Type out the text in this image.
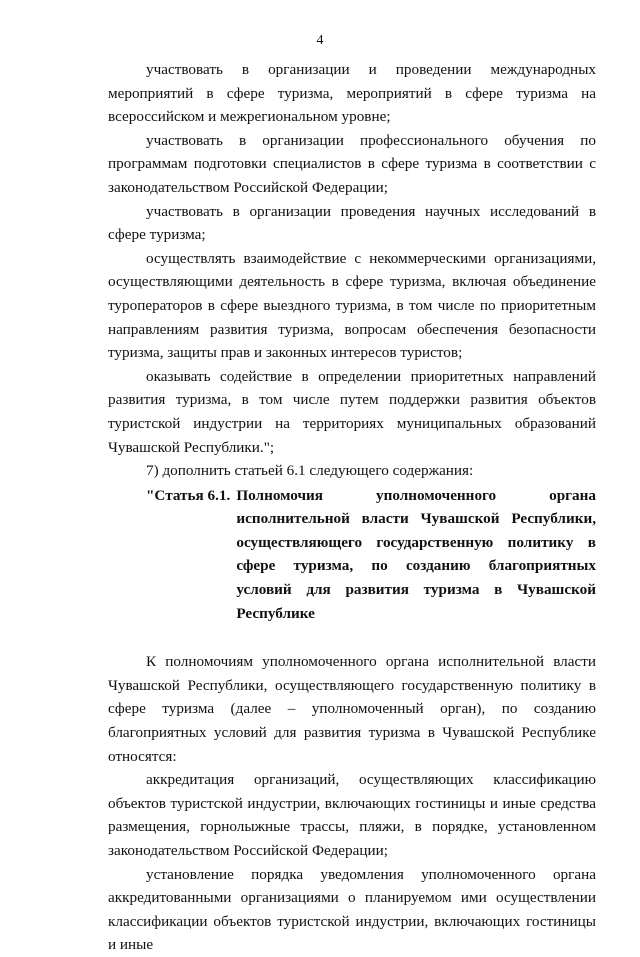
4

участвовать в организации и проведении международных мероприятий в сфере туризма, мероприятий в сфере туризма на всероссийском и межрегиональном уровне;

участвовать в организации профессионального обучения по программам подготовки специалистов в сфере туризма в соответствии с законодательством Российской Федерации;

участвовать в организации проведения научных исследований в сфере туризма;

осуществлять взаимодействие с некоммерческими организациями, осуществляющими деятельность в сфере туризма, включая объединение туроператоров в сфере выездного туризма, в том числе по приоритетным направлениям развития туризма, вопросам обеспечения безопасности туризма, защиты прав и законных интересов туристов;

оказывать содействие в определении приоритетных направлений развития туризма, в том числе путем поддержки развития объектов туристской индустрии на территориях муниципальных образований Чувашской Республики.";

7) дополнить статьей 6.1 следующего содержания:

"Статья 6.1. Полномочия уполномоченного органа исполнительной власти Чувашской Республики, осуществляющего государственную политику в сфере туризма, по созданию благоприятных условий для развития туризма в Чувашской Республике

К полномочиям уполномоченного органа исполнительной власти Чувашской Республики, осуществляющего государственную политику в сфере туризма (далее – уполномоченный орган), по созданию благоприятных условий для развития туризма в Чувашской Республике относятся:

аккредитация организаций, осуществляющих классификацию объектов туристской индустрии, включающих гостиницы и иные средства размещения, горнолыжные трассы, пляжи, в порядке, установленном законодательством Российской Федерации;

установление порядка уведомления уполномоченного органа аккредитованными организациями о планируемом ими осуществлении классификации объектов туристской индустрии, включающих гостиницы и иные
